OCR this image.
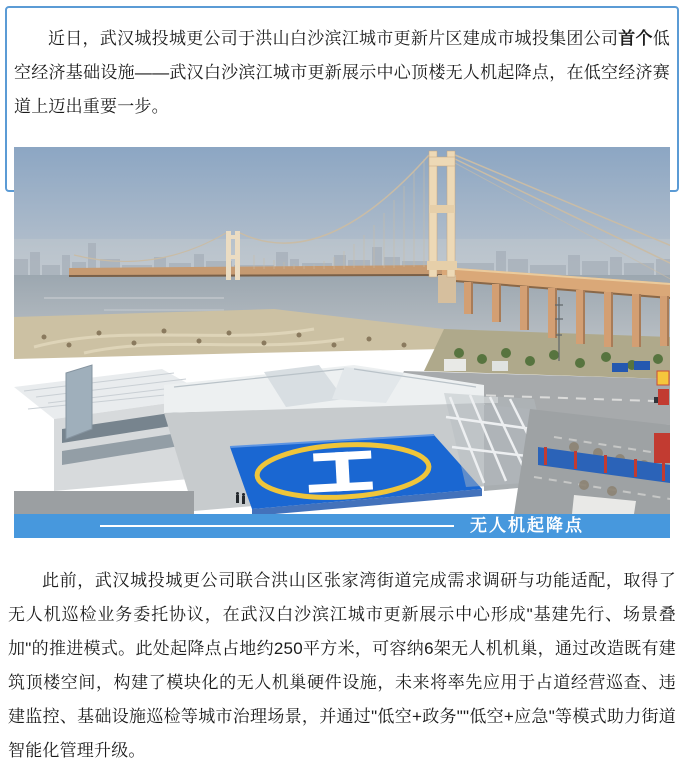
近日，武汉城投城更公司于洪山白沙滨江城市更新片区建成市城投集团公司首个低空经济基础设施——武汉白沙滨江城市更新展示中心顶楼无人机起降点，在低空经济赛道上迈出重要一步。

无人机起降点

此前，武汉城投城更公司联合洪山区张家湾街道完成需求调研与功能适配，取得了无人机巡检业务委托协议，在武汉白沙滨江城市更新展示中心形成"基建先行、场景叠加"的推进模式。此处起降点占地约250平方米，可容纳6架无人机机巢，通过改造既有建筑顶楼空间，构建了模块化的无人机巢硬件设施，未来将率先应用于占道经营巡查、违建监控、基础设施巡检等城市治理场景，并通过"低空+政务""低空+应急"等模式助力街道智能化管理升级。
